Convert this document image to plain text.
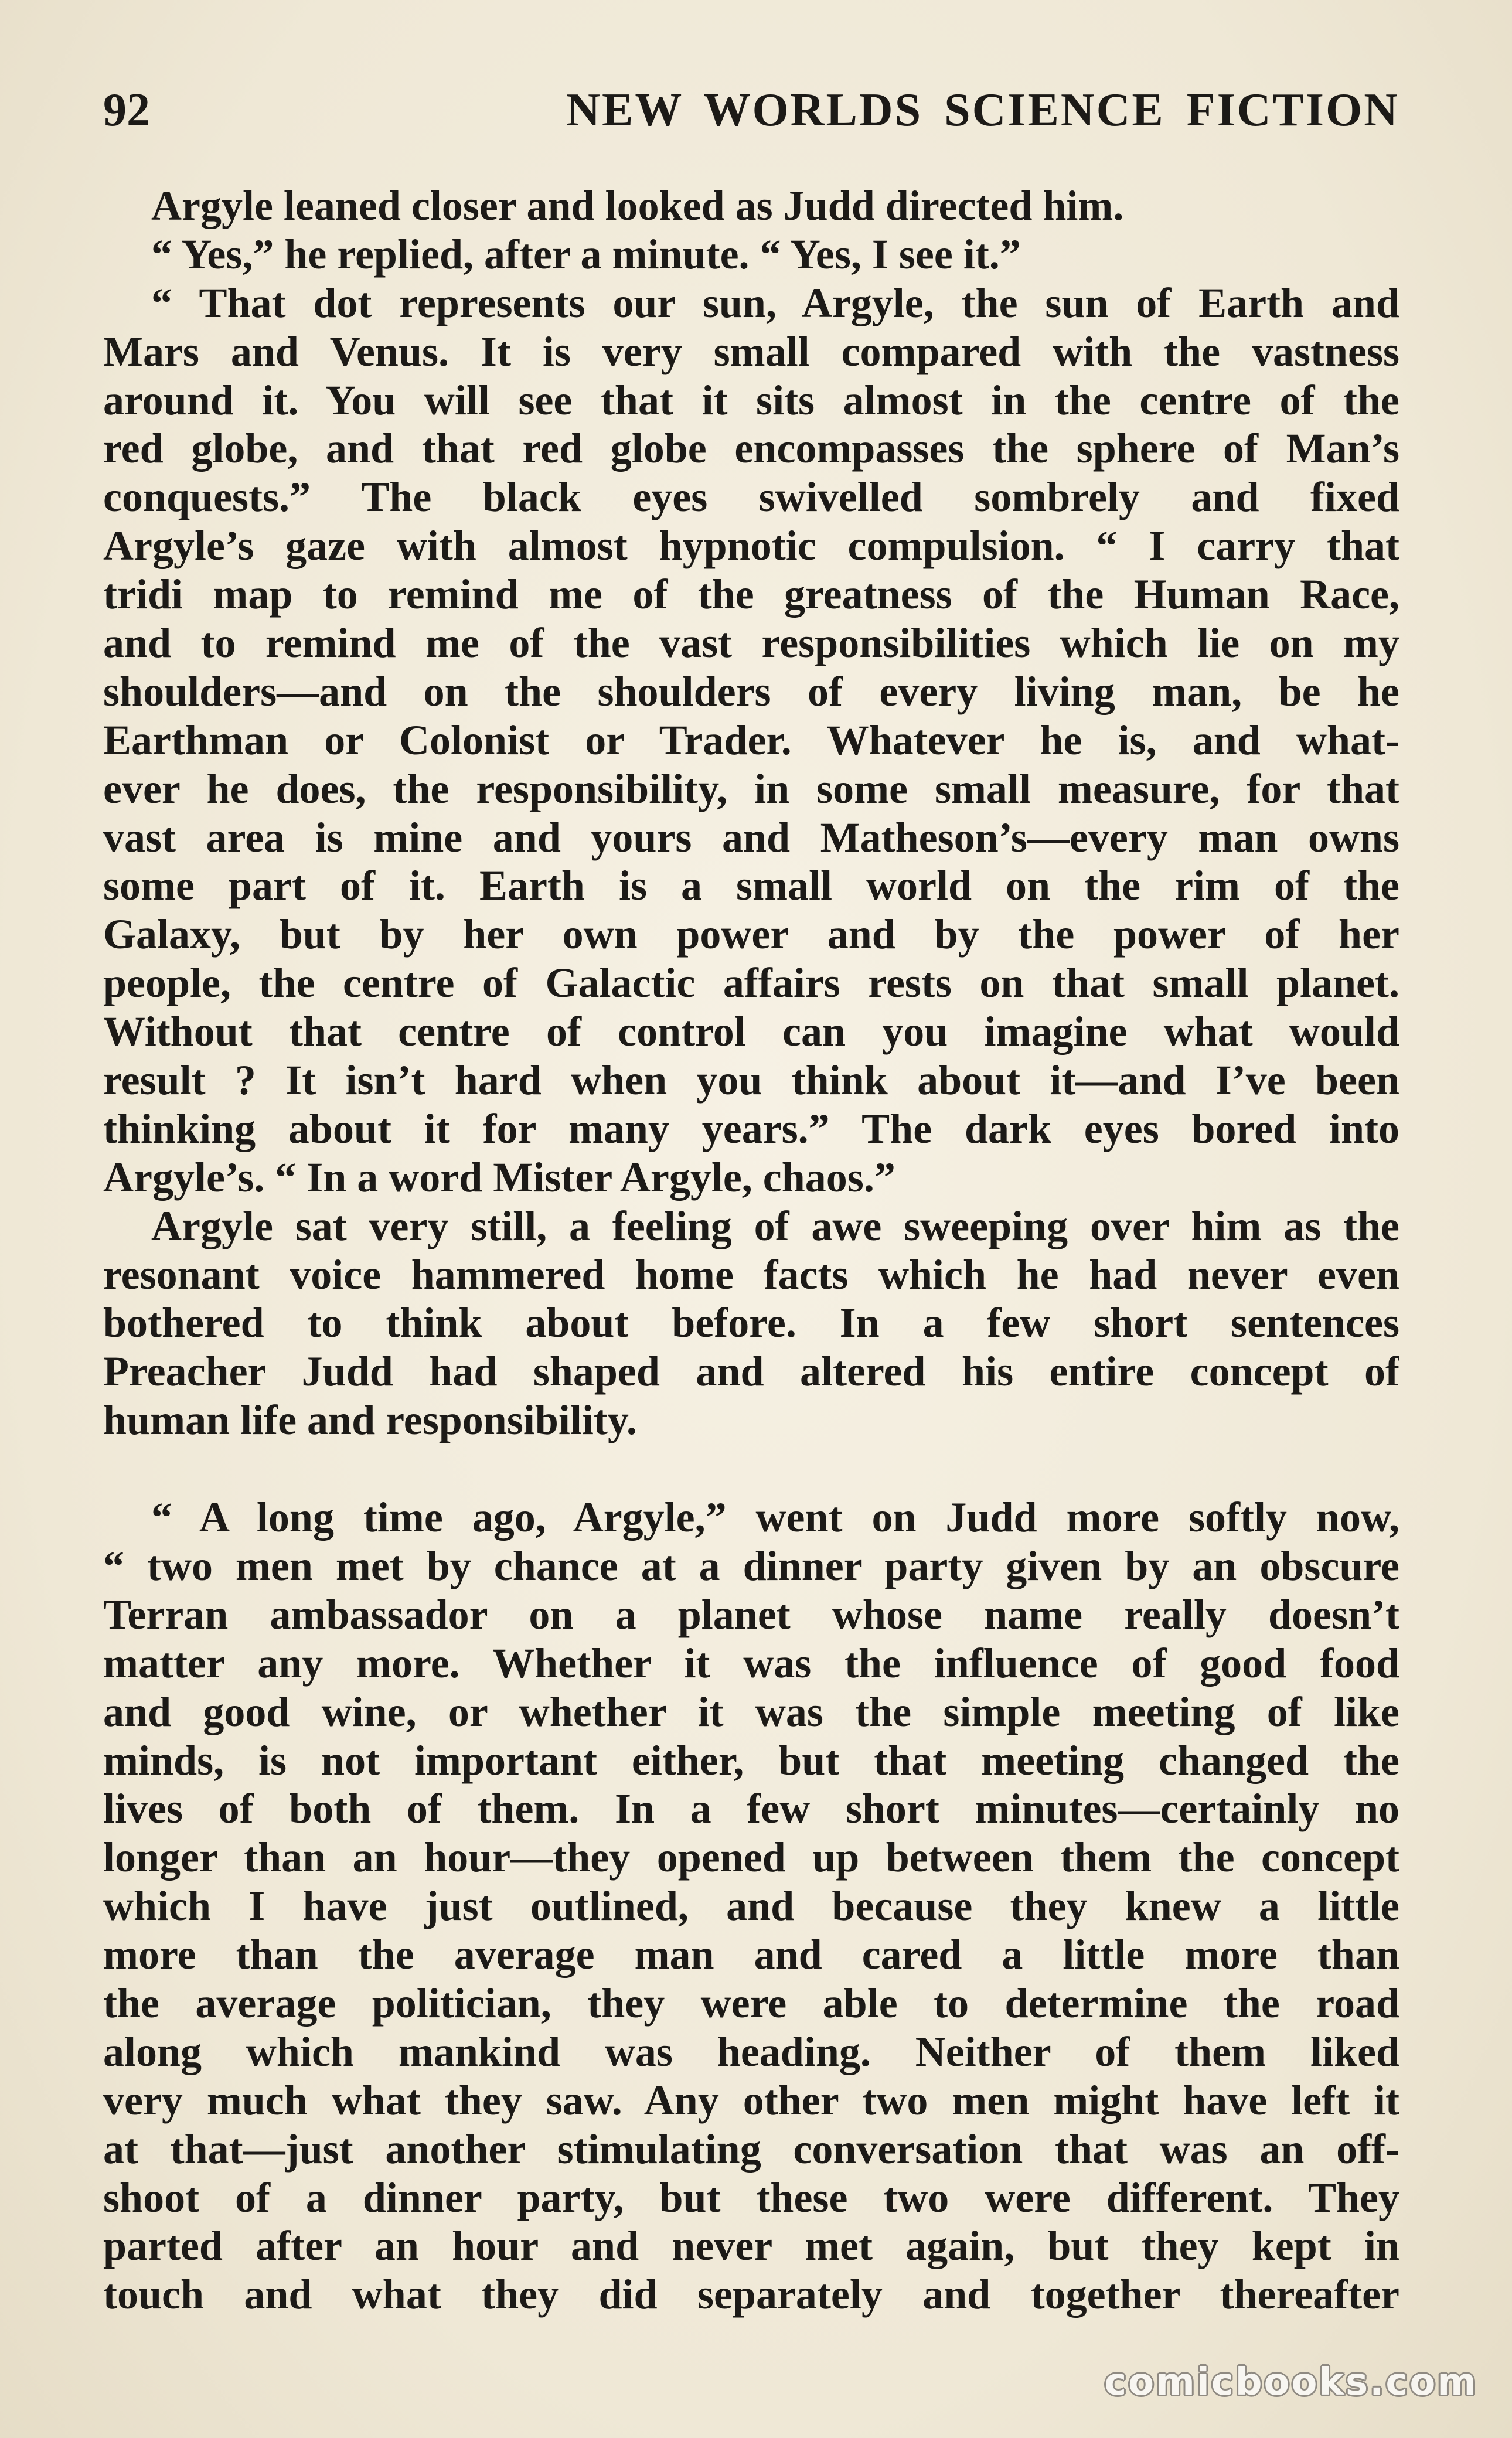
92	NEW WORLDS SCIENCE FICTION
Argyle leaned closer and looked as Judd directed him.
“ Yes,” he replied, after a minute. “ Yes, I see it.”
“ That dot represents our sun, Argyle, the sun of Earth and
Mars and Venus. It is very small compared with the vastness
around it. You will see that it sits almost in the centre of the
red globe, and that red globe encompasses the sphere of Man’s
conquests.” The black eyes swivelled sombrely and fixed
Argyle’s gaze with almost hypnotic compulsion. “ I carry that
tridi map to remind me of the greatness of the Human Race,
and to remind me of the vast responsibilities which lie on my
shoulders—and on the shoulders of every living man, be he
Earthman or Colonist or Trader. Whatever he is, and what-
ever he does, the responsibility, in some small measure, for that
vast area is mine and yours and Matheson’s—every man owns
some part of it. Earth is a small world on the rim of the
Galaxy, but by her own power and by the power of her
people, the centre of Galactic affairs rests on that small planet.
Without that centre of control can you imagine what would
result ? It isn’t hard when you think about it—and I’ve been
thinking about it for many years.” The dark eyes bored into
Argyle’s. “ In a word Mister Argyle, chaos.”
Argyle sat very still, a feeling of awe sweeping over him as the
resonant voice hammered home facts which he had never even
bothered to think about before. In a few short sentences
Preacher Judd had shaped and altered his entire concept of
human life and responsibility.
“ A long time ago, Argyle,” went on Judd more softly now,
“ two men met by chance at a dinner party given by an obscure
Terran ambassador on a planet whose name really doesn’t
matter any more. Whether it was the influence of good food
and good wine, or whether it was the simple meeting of like
minds, is not important either, but that meeting changed the
lives of both of them. In a few short minutes—certainly no
longer than an hour—they opened up between them the concept
which I have just outlined, and because they knew a little
more than the average man and cared a little more than
the average politician, they were able to determine the road
along which mankind was heading. Neither of them liked
very much what they saw. Any other two men might have left it
at that—just another stimulating conversation that was an off-
shoot of a dinner party, but these two were different. They
parted after an hour and never met again, but they kept in
touch and what they did separately and together thereafter
comicbooks.com
